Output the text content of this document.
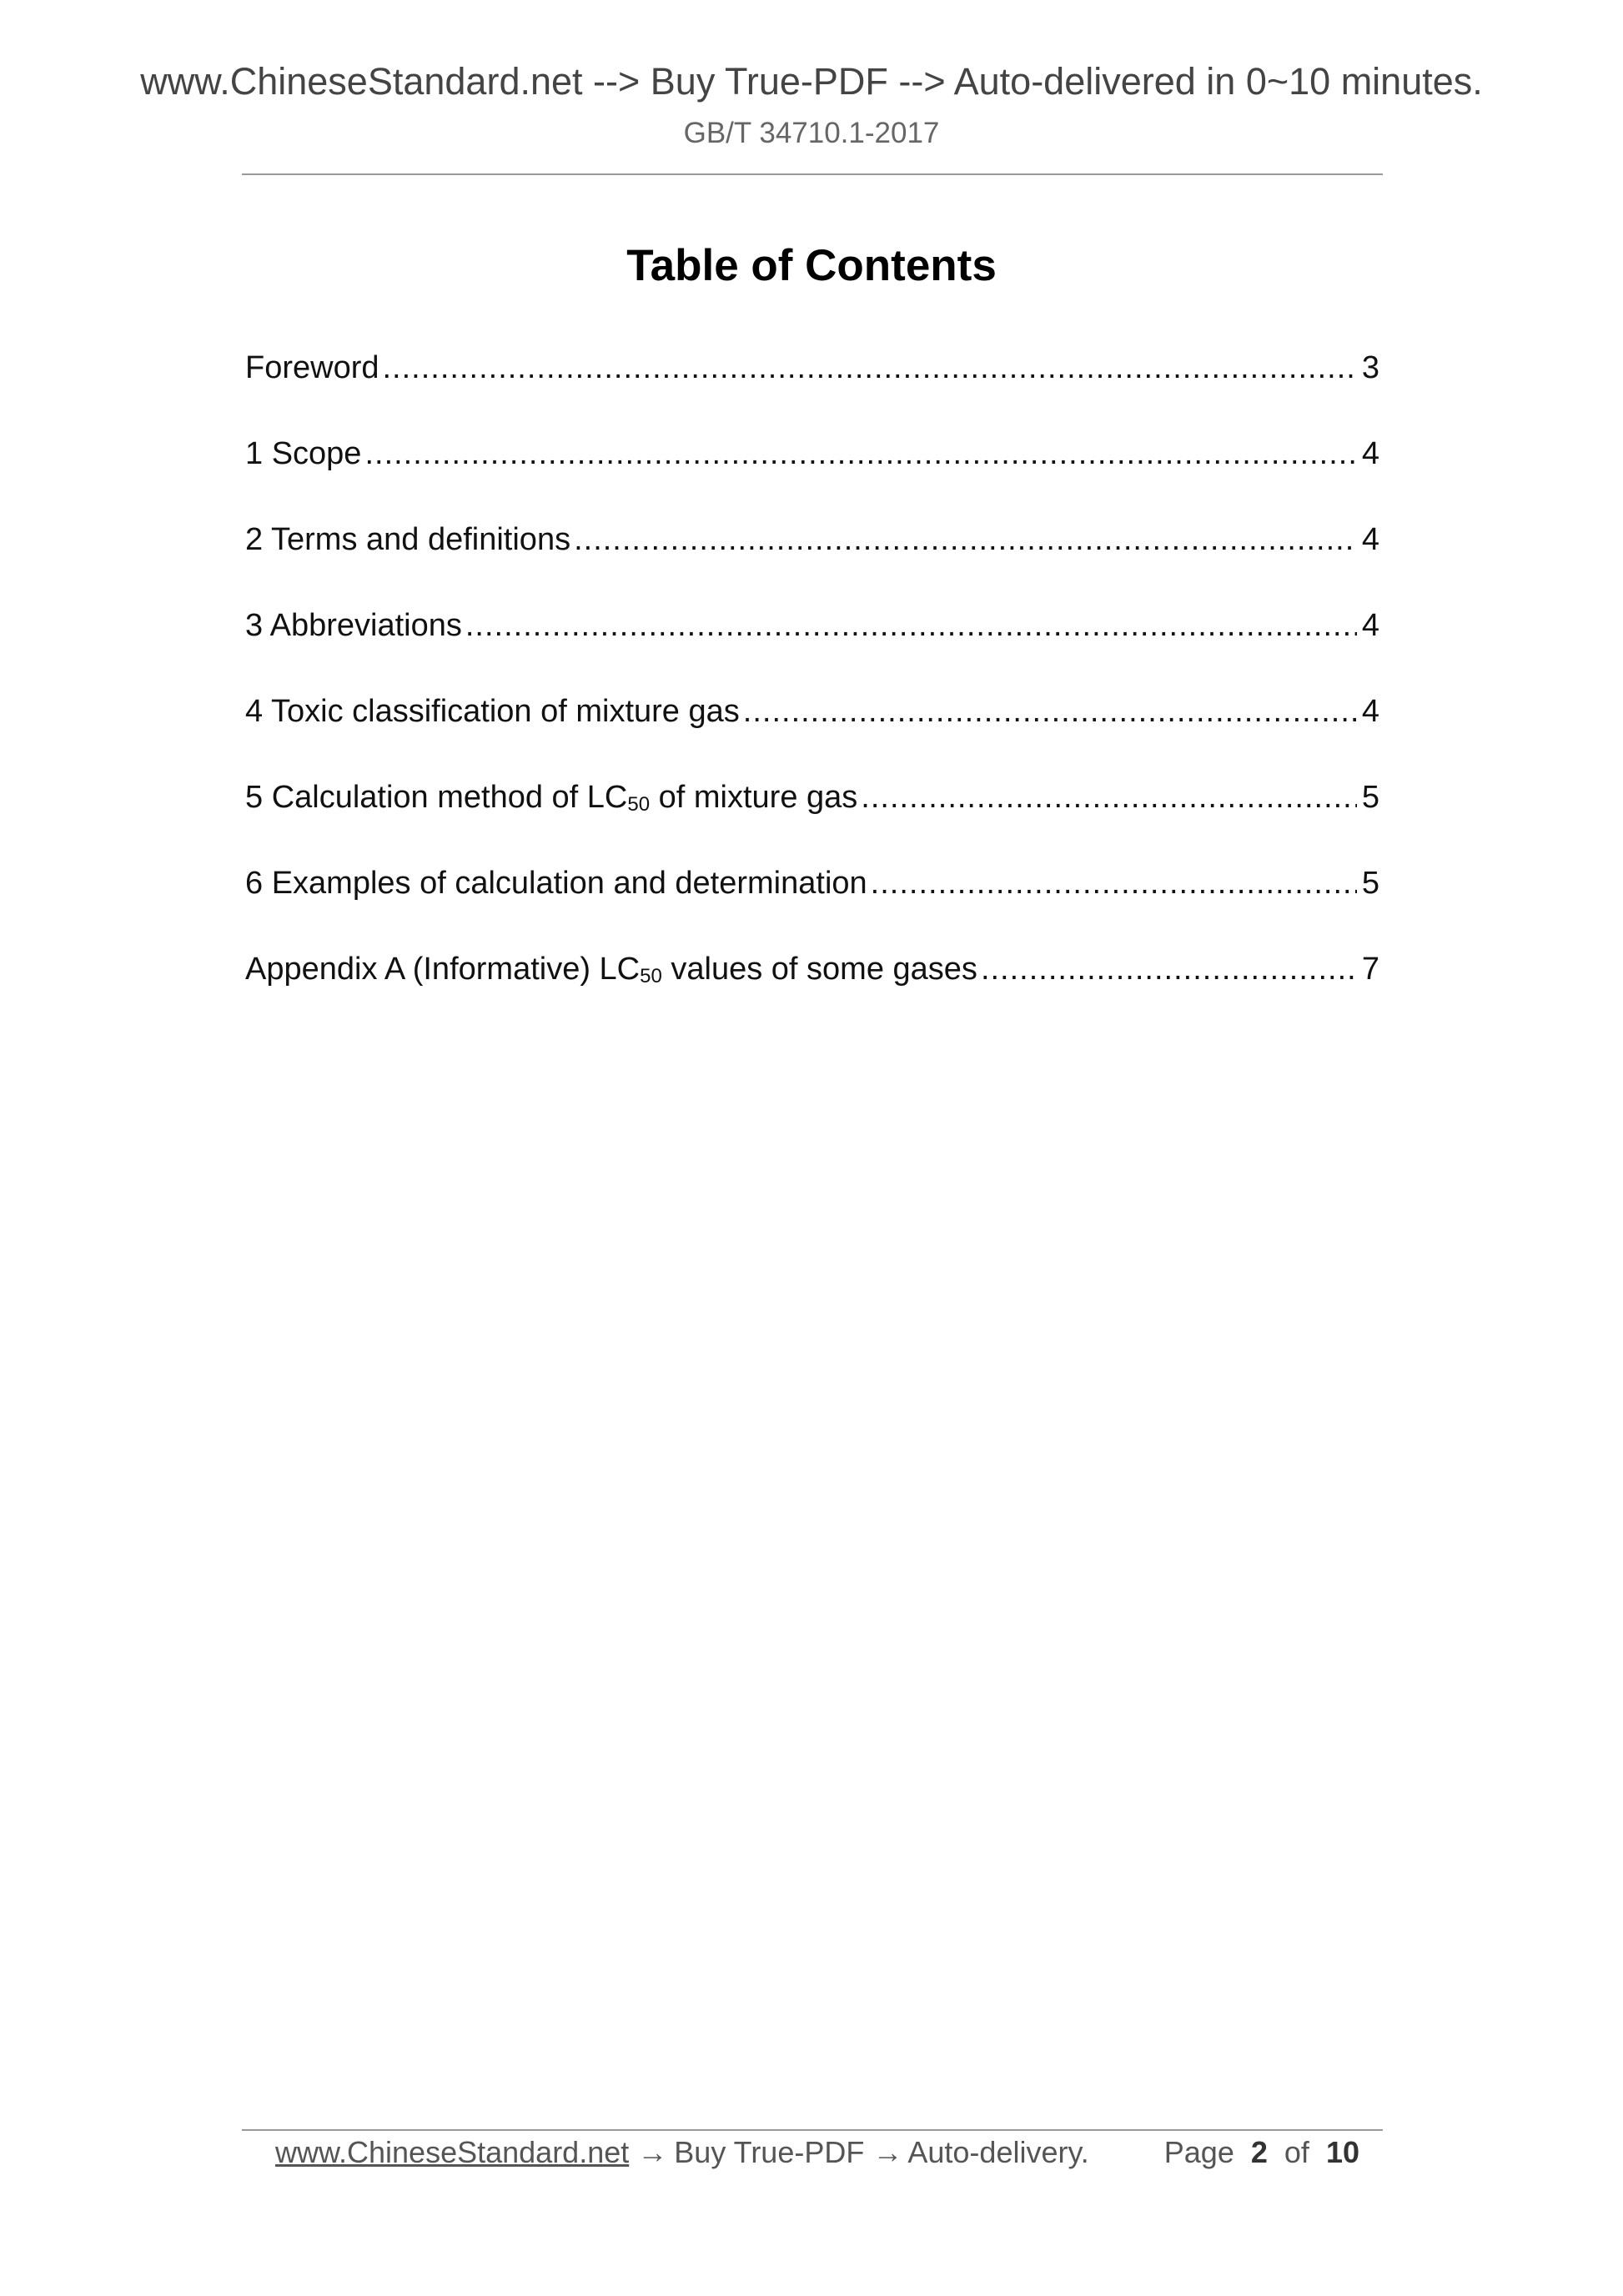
www.ChineseStandard.net --> Buy True-PDF --> Auto-delivered in 0~10 minutes.
GB/T 34710.1-2017
Table of Contents
Foreword .....	3
1 Scope .....	4
2 Terms and definitions .....	4
3 Abbreviations .....	4
4 Toxic classification of mixture gas .....	4
5 Calculation method of $LC_{50}$ of mixture gas .....	5
6 Examples of calculation and determination .....	5
Appendix A (Informative) $LC_{50}$ values of some gases .....	7
www.ChineseStandard.net → Buy True-PDF → Auto-delivery. Page 2 of 10
